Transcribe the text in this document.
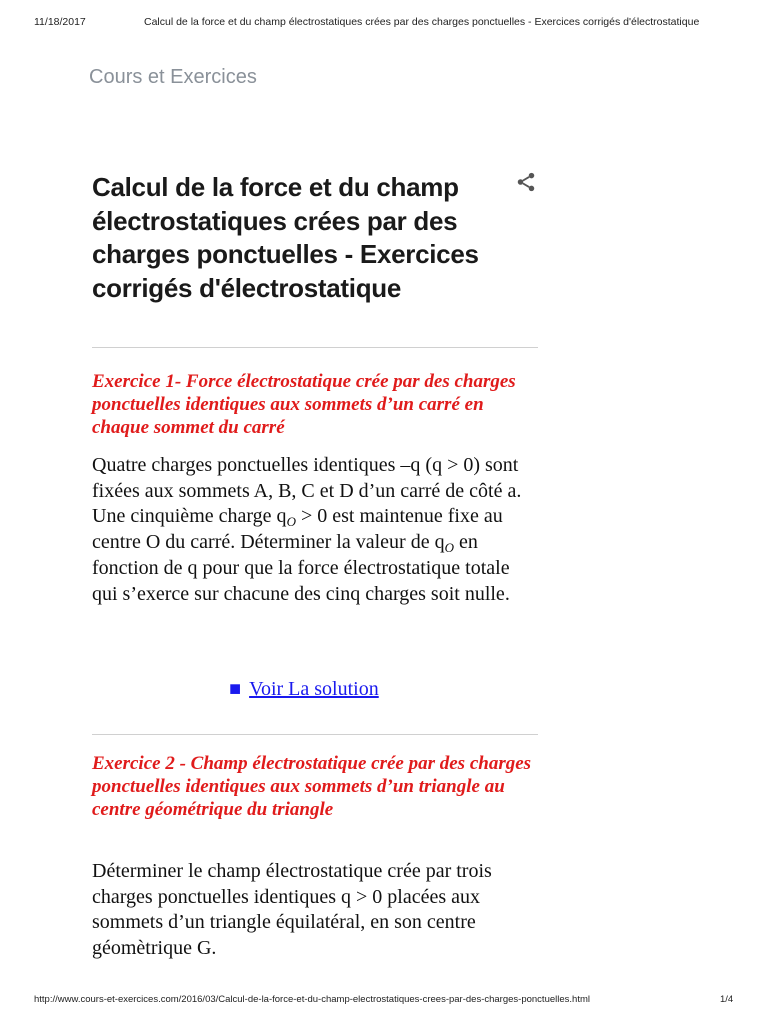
11/18/2017	Calcul de la force et du champ électrostatiques crées par des charges ponctuelles - Exercices corrigés d'électrostatique
Cours et Exercices
Calcul de la force et du champ électrostatiques crées par des charges ponctuelles - Exercices corrigés d'électrostatique
Exercice 1- Force électrostatique crée par des charges ponctuelles identiques aux sommets d’un carré en chaque sommet du carré

Quatre charges ponctuelles identiques –q (q > 0) sont fixées aux sommets A, B, C et D d’un carré de côté a. Une cinquième charge $q_O > 0$ est maintenue fixe au centre O du carré. Déterminer la valeur de $q_O$ en fonction de q pour que la force électrostatique totale qui s’exerce sur chacune des cinq charges soit nulle.

■ Voir La solution
Exercice 2 - Champ électrostatique crée par des charges ponctuelles identiques aux sommets d’un triangle au centre géométrique du triangle

Déterminer le champ électrostatique crée par trois charges ponctuelles identiques q > 0 placées aux sommets d’un triangle équilatéral, en son centre géomètrique G.

http://www.cours-et-exercices.com/2016/03/Calcul-de-la-force-et-du-champ-electrostatiques-crees-par-des-charges-ponctuelles.html	1/4
